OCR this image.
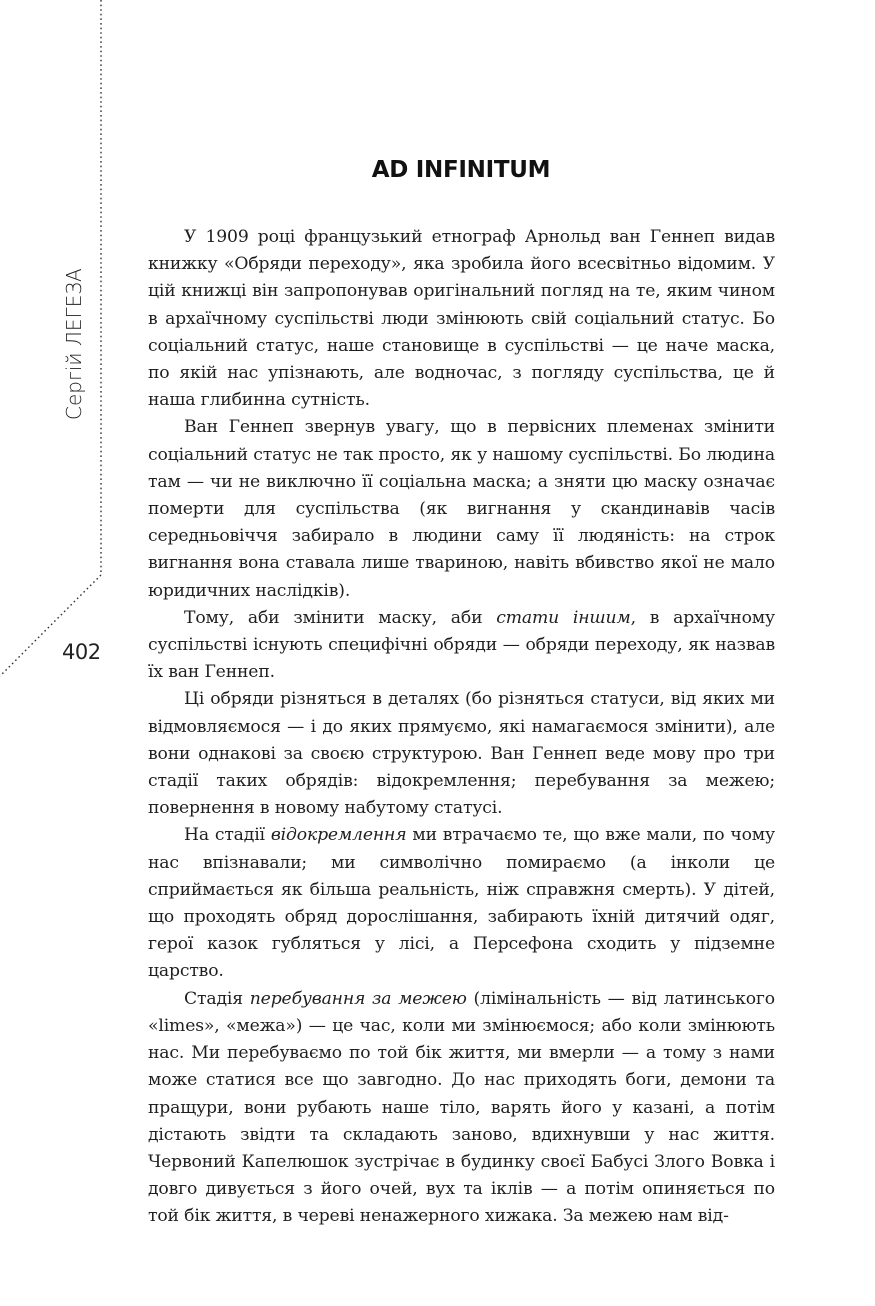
Сергій ЛЕГЕЗА
402
AD INFINITUM

У 1909 році французький етнограф Арнольд ван Геннеп видав книжку «Обряди переходу», яка зробила його всесвітньо відомим. У цій книжці він запропонував оригінальний погляд на те, яким чином в архаїчному суспільстві люди змінюють свій соціальний статус. Бо соціальний статус, наше становище в суспільстві — це наче маска, по якій нас упізнають, але водночас, з погляду суспільства, це й наша глибинна сутність.

Ван Геннеп звернув увагу, що в первісних племенах змінити соціальний статус не так просто, як у нашому суспільстві. Бо людина там — чи не виключно її соціальна маска; а зняти цю маску означає померти для суспільства (як вигнання у скандинавів часів середньовіччя забирало в людини саму її людяність: на строк вигнання вона ставала лише твариною, навіть вбивство якої не мало юридичних наслідків).

Тому, аби змінити маску, аби стати іншим, в архаїчному суспільстві існують специфічні обряди — обряди переходу, як назвав їх ван Геннеп.

Ці обряди різняться в деталях (бо різняться статуси, від яких ми відмовляємося — і до яких прямуємо, які намагаємося змінити), але вони однакові за своєю структурою. Ван Геннеп веде мову про три стадії таких обрядів: відокремлення; перебування за межею; повернення в новому набутому статусі.

На стадії відокремлення ми втрачаємо те, що вже мали, по чому нас впізнавали; ми символічно помираємо (а інколи це сприймається як більша реальність, ніж справжня смерть). У дітей, що проходять обряд дорослішання, забирають їхній дитячий одяг, герої казок губляться у лісі, а Персефона сходить у підземне царство.

Стадія перебування за межею (лімінальність — від латинського «limes», «межа») — це час, коли ми змінюємося; або коли змінюють нас. Ми перебуваємо по той бік життя, ми вмерли — а тому з нами може статися все що завгодно. До нас приходять боги, демони та пращури, вони рубають наше тіло, варять його у казані, а потім дістають звідти та складають заново, вдихнувши у нас життя. Червоний Капелюшок зустрічає в будинку своєї Бабусі Злого Вовка і довго дивується з його очей, вух та іклів — а потім опиняється по той бік життя, в череві ненажерного хижака. За межею нам від-
